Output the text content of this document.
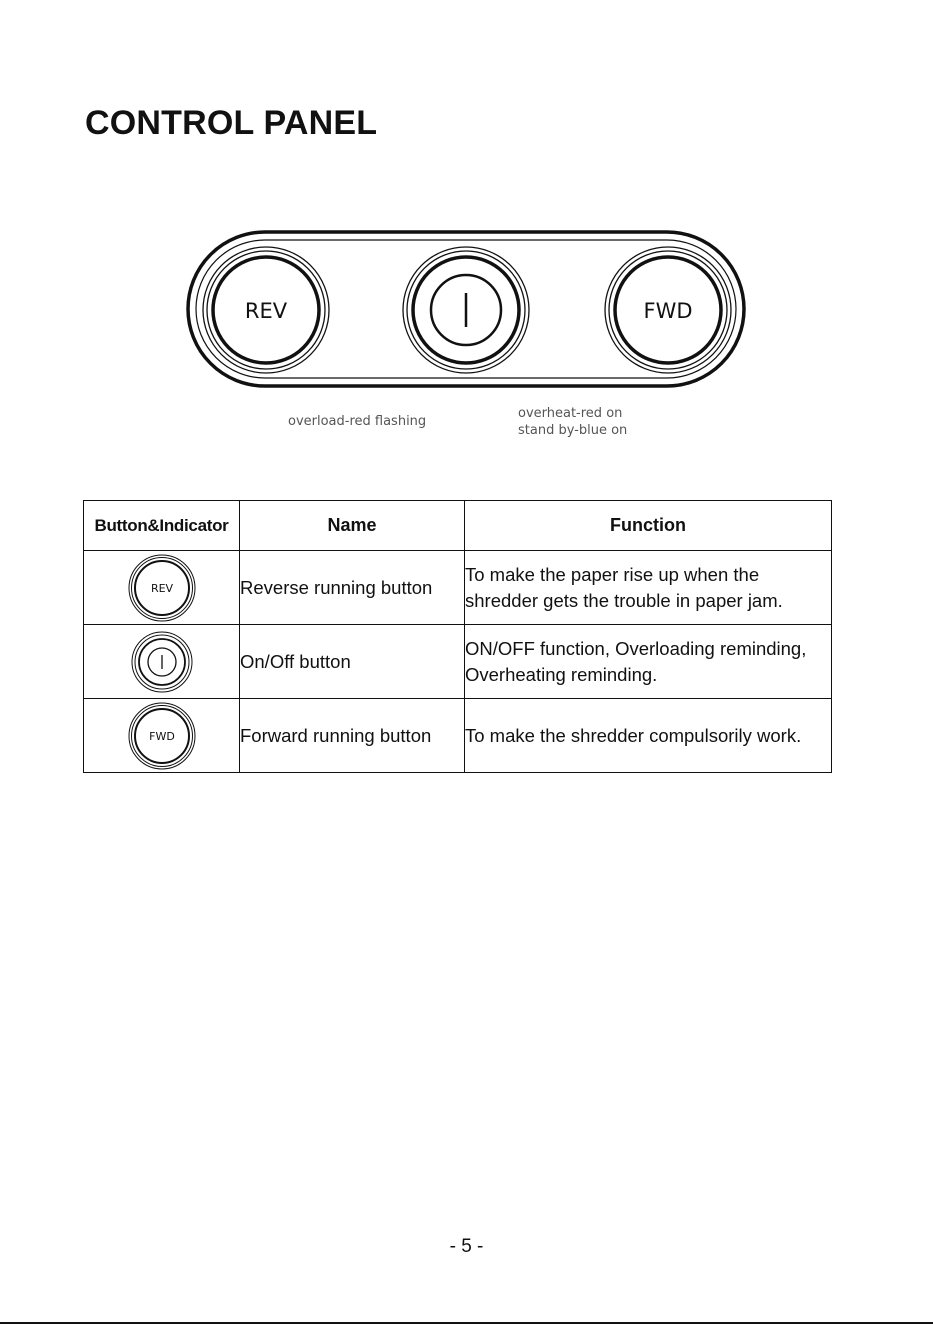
CONTROL PANEL
REV	FWD

overload-red flashing

overheat-red on

stand by-blue on

Button&Indicator	Name	Function

REV	Reverse running button	To make the paper rise up when the shredder gets the trouble in paper jam.

	On/Off button	ON/OFF function, Overloading reminding, Overheating reminding.

FWD	Forward running button	To make the shredder compulsorily work.
- 5 -
